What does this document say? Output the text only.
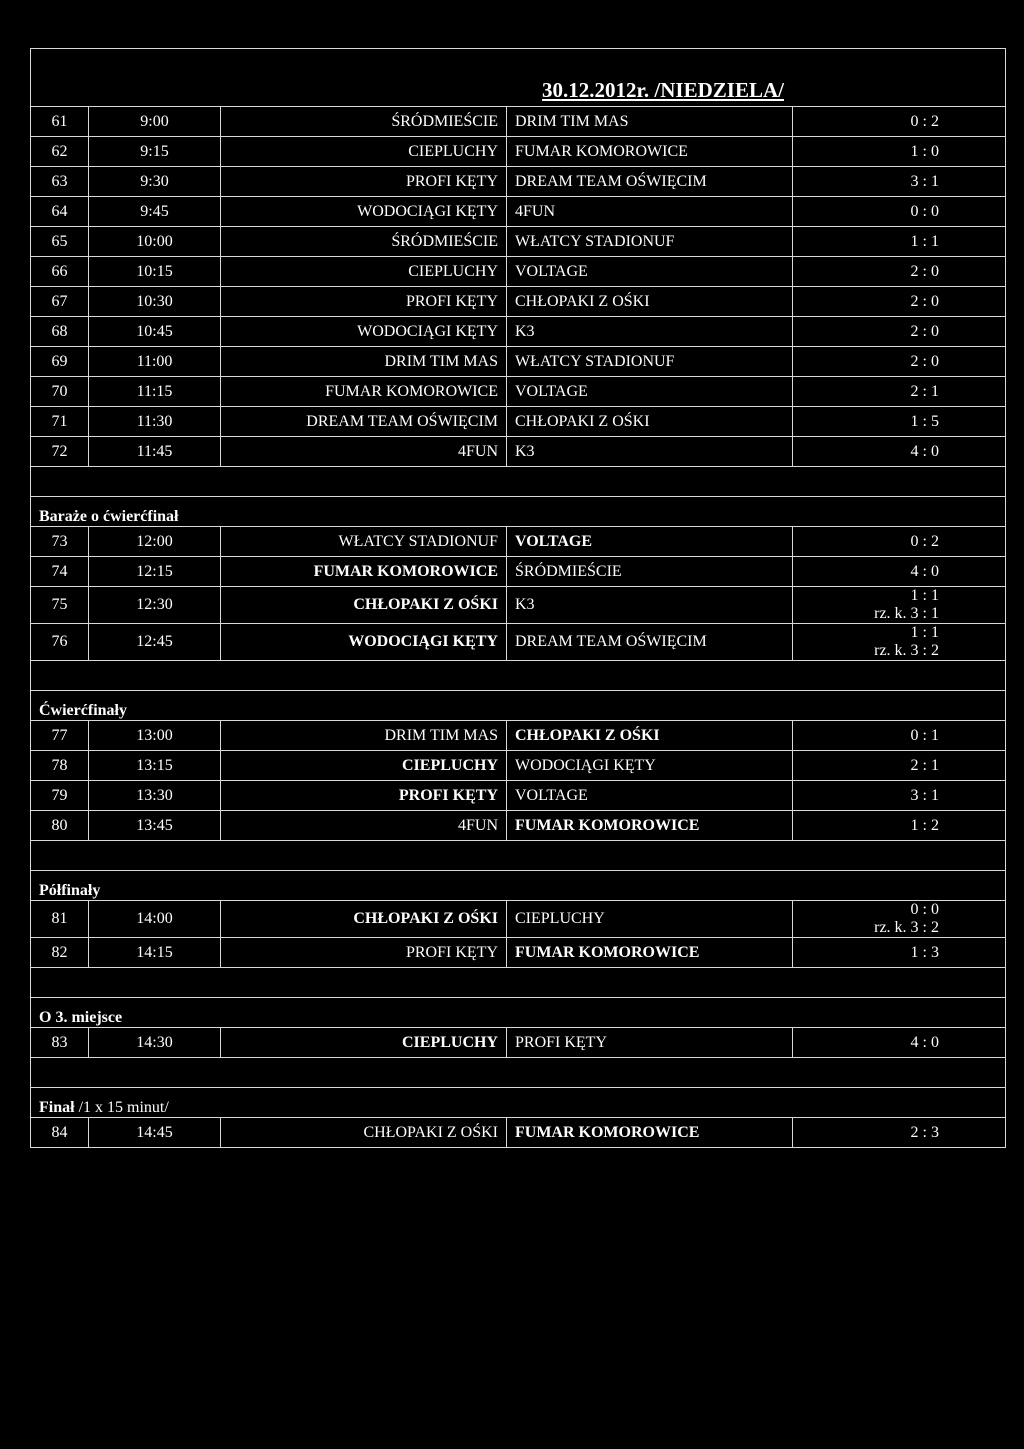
30.12.2012r. /NIEDZIELA/				

61	9:00	ŚRÓDMIEŚCIE	DRIM TIM MAS	0 : 2
62	9:15	CIEPLUCHY	FUMAR KOMOROWICE	1 : 0
63	9:30	PROFI KĘTY	DREAM TEAM OŚWIĘCIM	3 : 1
64	9:45	WODOCIĄGI KĘTY	4FUN	0 : 0
65	10:00	ŚRÓDMIEŚCIE	WŁATCY STADIONUF	1 : 1
66	10:15	CIEPLUCHY	VOLTAGE	2 : 0
67	10:30	PROFI KĘTY	CHŁOPAKI Z OŚKI	2 : 0
68	10:45	WODOCIĄGI KĘTY	K3	2 : 0
69	11:00	DRIM TIM MAS	WŁATCY STADIONUF	2 : 0
70	11:15	FUMAR KOMOROWICE	VOLTAGE	2 : 1
71	11:30	DREAM TEAM OŚWIĘCIM	CHŁOPAKI Z OŚKI	1 : 5
72	11:45	4FUN	K3	4 : 0

Baraże o ćwierćfinał				
73	12:00	WŁATCY STADIONUF	VOLTAGE	0 : 2
74	12:15	FUMAR KOMOROWICE	ŚRÓDMIEŚCIE	4 : 0
75	12:30	CHŁOPAKI Z OŚKI	K3	1 : 1
rz. k. 3 : 1

76	12:45	WODOCIĄGI KĘTY	DREAM TEAM OŚWIĘCIM	1 : 1
rz. k. 3 : 2

Ćwierćfinały				
77	13:00	DRIM TIM MAS	CHŁOPAKI Z OŚKI	0 : 1
78	13:15	CIEPLUCHY	WODOCIĄGI KĘTY	2 : 1
79	13:30	PROFI KĘTY	VOLTAGE	3 : 1
80	13:45	4FUN	FUMAR KOMOROWICE	1 : 2

Półfinały				
81	14:00	CHŁOPAKI Z OŚKI	CIEPLUCHY	0 : 0
rz. k. 3 : 2

82	14:15	PROFI KĘTY	FUMAR KOMOROWICE	1 : 3

O 3. miejsce				
83	14:30	CIEPLUCHY	PROFI KĘTY	4 : 0

Finał /1 x 15 minut/				
84	14:45	CHŁOPAKI Z OŚKI	FUMAR KOMOROWICE	2 : 3
